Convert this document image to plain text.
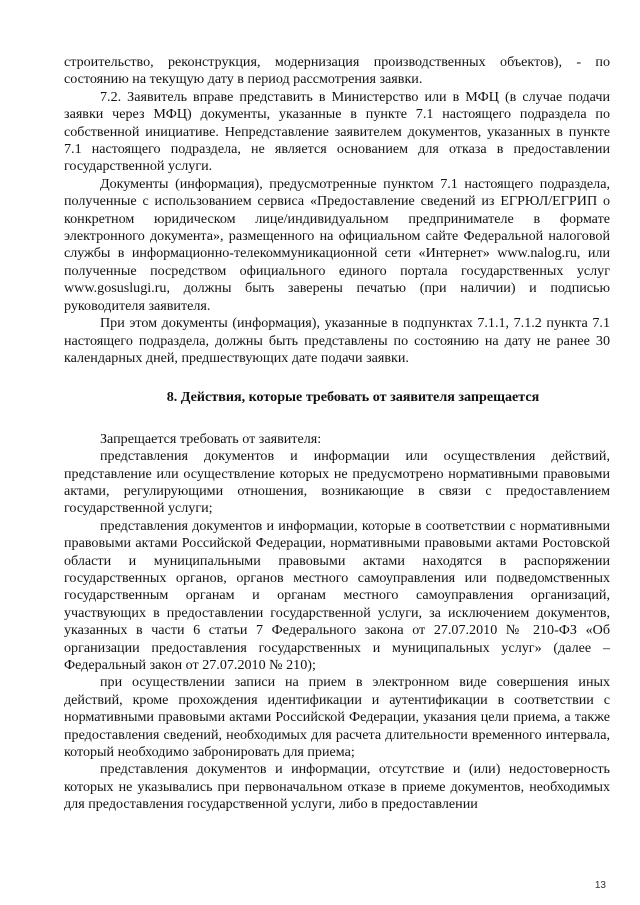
строительство, реконструкция, модернизация производственных объектов), - по состоянию на текущую дату в период рассмотрения заявки.

7.2. Заявитель вправе представить в Министерство или в МФЦ (в случае подачи заявки через МФЦ) документы, указанные в пункте 7.1 настоящего подраздела по собственной инициативе. Непредставление заявителем документов, указанных в пункте 7.1 настоящего подраздела, не является основанием для отказа в предоставлении государственной услуги.

Документы (информация), предусмотренные пунктом 7.1 настоящего подраздела, полученные с использованием сервиса «Предоставление сведений из ЕГРЮЛ/ЕГРИП о конкретном юридическом лице/индивидуальном предпринимателе в формате электронного документа», размещенного на официальном сайте Федеральной налоговой службы в информационно-телекоммуникационной сети «Интернет» www.nalog.ru, или полученные посредством официального единого портала государственных услуг www.gosuslugi.ru, должны быть заверены печатью (при наличии) и подписью руководителя заявителя.

При этом документы (информация), указанные в подпунктах 7.1.1, 7.1.2 пункта 7.1 настоящего подраздела, должны быть представлены по состоянию на дату не ранее 30 календарных дней, предшествующих дате подачи заявки.

8. Действия, которые требовать от заявителя запрещается

Запрещается требовать от заявителя:

представления документов и информации или осуществления действий, представление или осуществление которых не предусмотрено нормативными правовыми актами, регулирующими отношения, возникающие в связи с предоставлением государственной услуги;

представления документов и информации, которые в соответствии с нормативными правовыми актами Российской Федерации, нормативными правовыми актами Ростовской области и муниципальными правовыми актами находятся в распоряжении государственных органов, органов местного самоуправления или подведомственных государственным органам и органам местного самоуправления организаций, участвующих в предоставлении государственной услуги, за исключением документов, указанных в части 6 статьи 7 Федерального закона от 27.07.2010 № 210-ФЗ «Об организации предоставления государственных и муниципальных услуг» (далее – Федеральный закон от 27.07.2010 № 210);

при осуществлении записи на прием в электронном виде совершения иных действий, кроме прохождения идентификации и аутентификации в соответствии с нормативными правовыми актами Российской Федерации, указания цели приема, а также предоставления сведений, необходимых для расчета длительности временного интервала, который необходимо забронировать для приема;

представления документов и информации, отсутствие и (или) недостоверность которых не указывались при первоначальном отказе в приеме документов, необходимых для предоставления государственной услуги, либо в предоставлении

13
